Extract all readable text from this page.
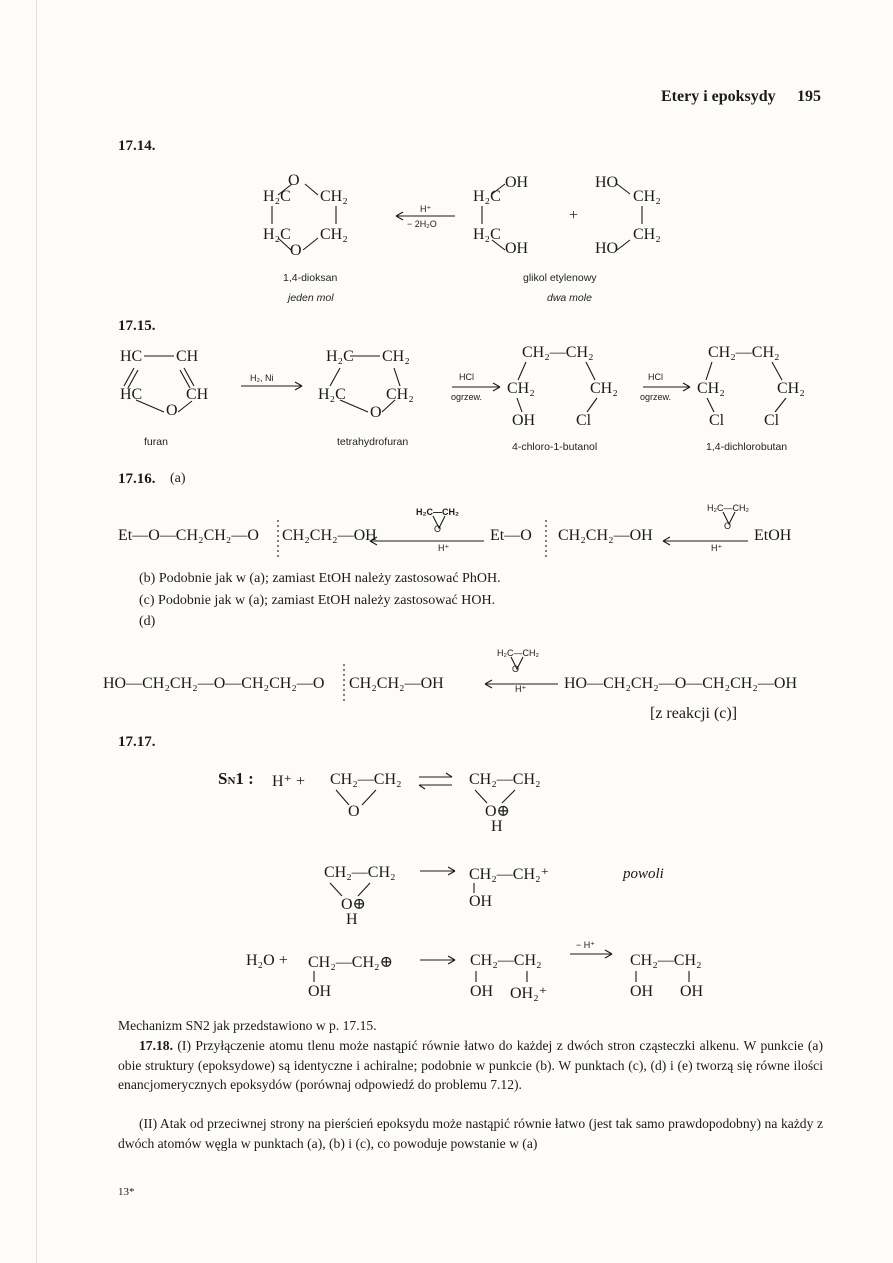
Etery i epoksydy 195
17.14.
H₂C
O
CH₂
H₂C
O
CH₂
1,4-dioksan
jeden mol
H⁺
− 2H₂O
H₂C
OH
H₂C
OH
+
HO
CH₂
HO
CH₂
glikol etylenowy
dwa mole
17.15.
HC CH
HC	CH
O
furan
H₂, Ni
H₂C CH₂
H₂C	CH₂
O
tetrahydrofuran
HCl
ogrzew.
CH₂—CH₂
CH₂	CH₂
OH	Cl
4-chloro-1-butanol
HCl
ogrzew.
CH₂—CH₂
CH₂	CH₂
Cl Cl
1,4-dichlorobutan
17.16. (a)
H₂C—CH₂
O
H⁺
H₂C—CH₂
O
H⁺
Et—O—CH₂CH₂—O CH₂CH₂—OH	Et—O CH₂CH₂—OH	EtOH
(b) Podobnie jak w (a); zamiast EtOH należy zastosować PhOH.
(c) Podobnie jak w (a); zamiast EtOH należy zastosować HOH.
(d)
H₂C—CH₂
O
H⁺
HO—CH₂CH₂—O—CH₂CH₂—O CH₂CH₂—OH	HO—CH₂CH₂—O—CH₂CH₂—OH
[z reakcji (c)]
17.17.
SN1 : H⁺ + CH₂—CH₂
O
CH₂—CH₂
O⊕
H
CH₂—CH₂
O⊕
H
CH₂—CH₂⁺
OH
powoli
H₂O + CH₂—CH₂⊕
OH
CH₂—CH₂
OH OH₂⁺
− H⁺
CH₂—CH₂
OH OH
Mechanizm SN2 jak przedstawiono w p. 17.15.
17.18. (I) Przyłączenie atomu tlenu może nastąpić równie łatwo do każdej z dwóch stron cząsteczki alkenu. W punkcie (a) obie struktury (epoksydowe) są identyczne i achiralne; podobnie w punkcie (b). W punktach (c), (d) i (e) tworzą się równe ilości enancjomerycznych epoksydów (porównaj odpowiedź do problemu 7.12).
(II) Atak od przeciwnej strony na pierścień epoksydu może nastąpić równie łatwo (jest tak samo prawdopodobny) na każdy z dwóch atomów węgla w punktach (a), (b) i (c), co powoduje powstanie w (a)
13*
